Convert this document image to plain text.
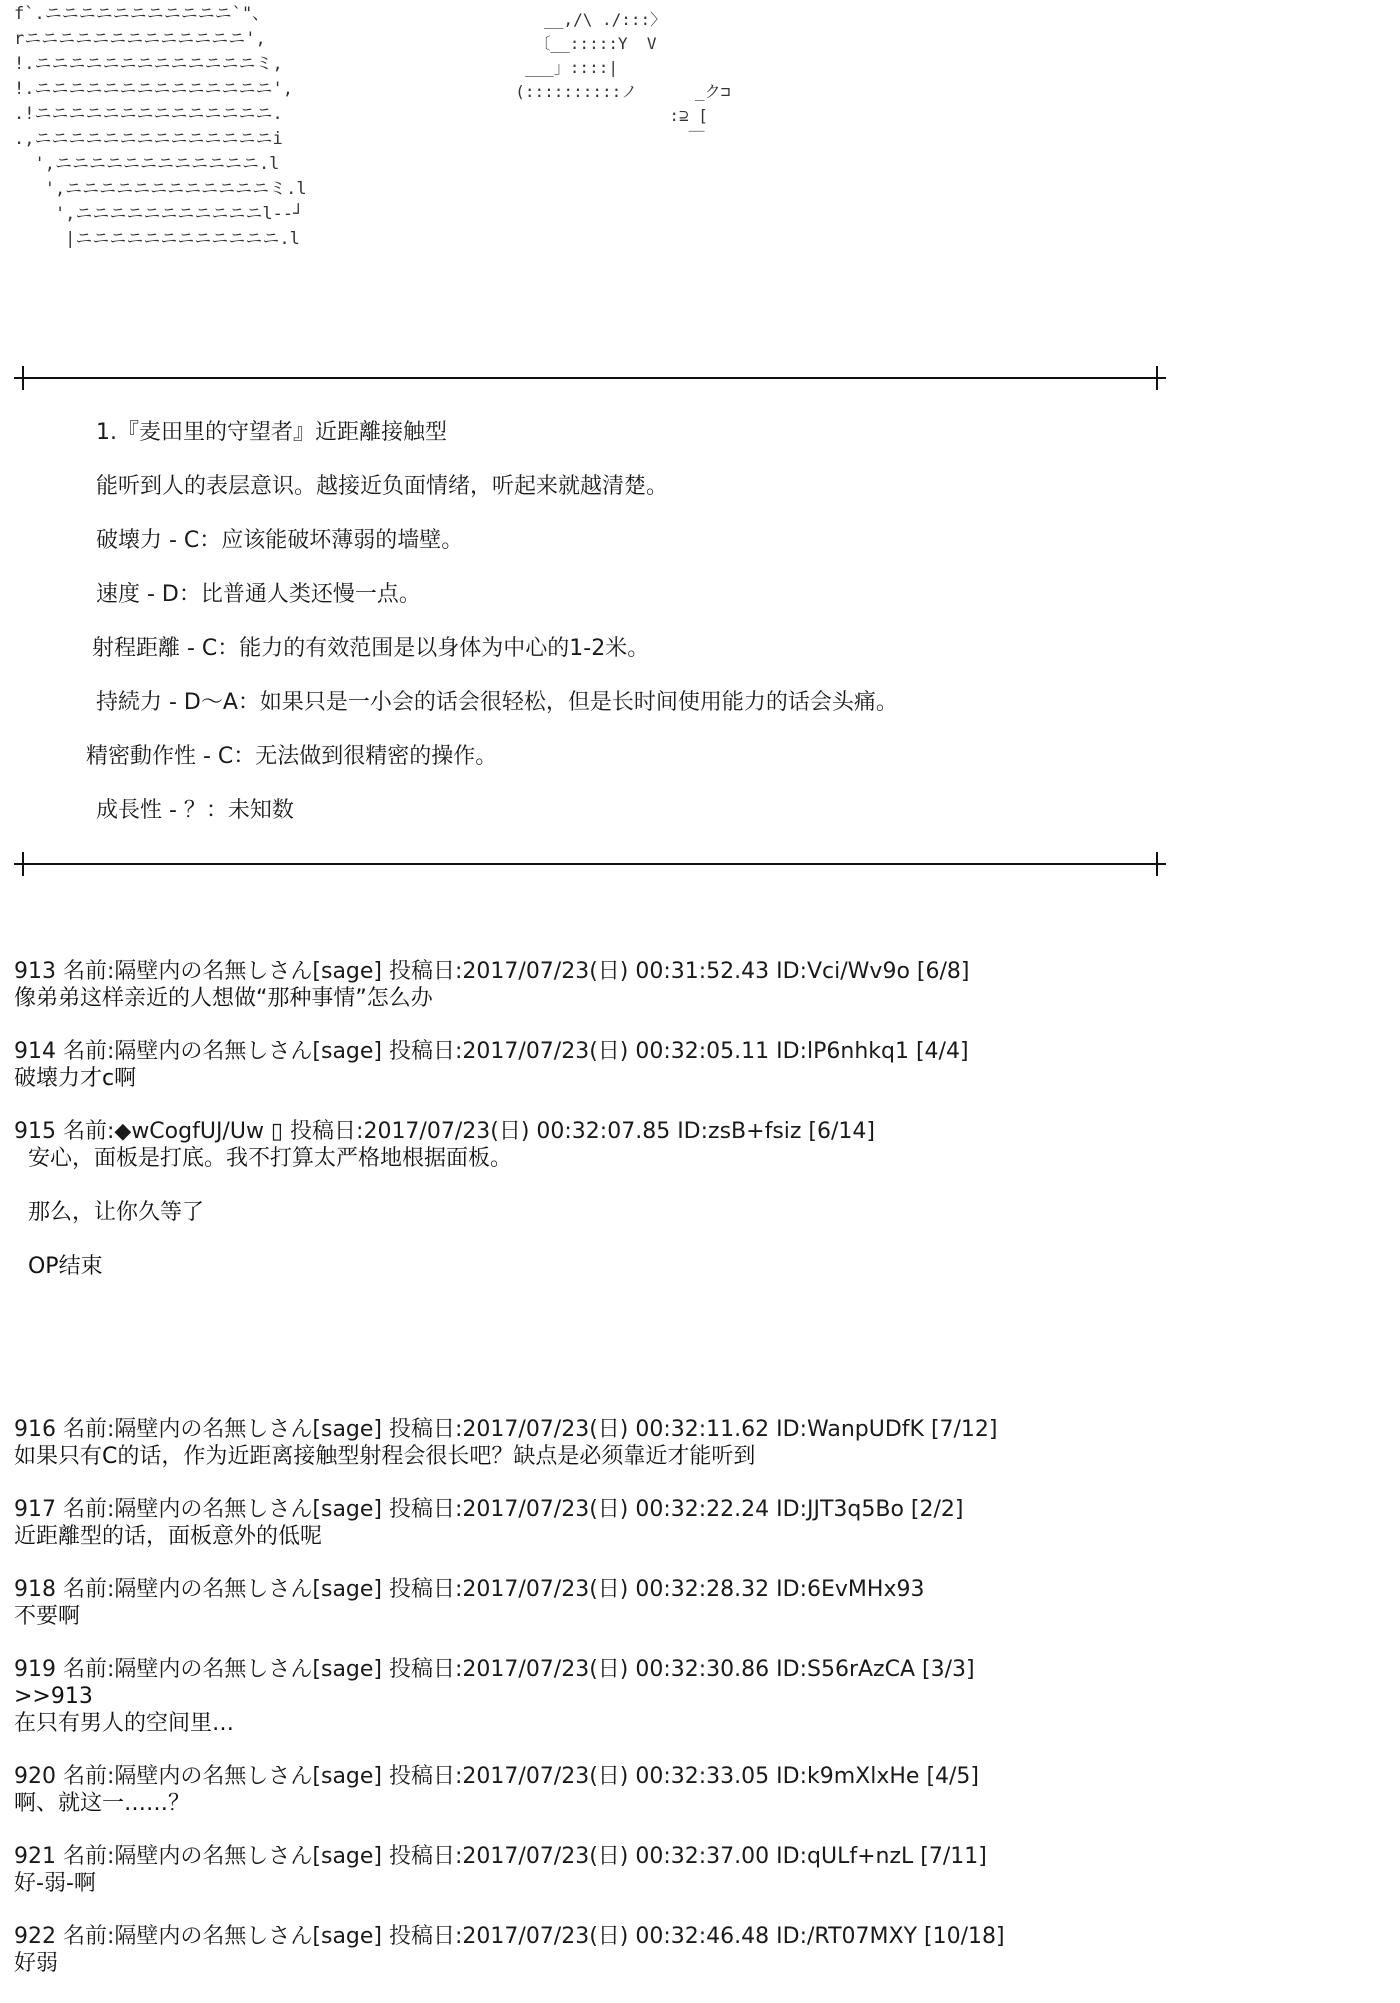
f`.ニニニニニニニニニニニ`"、
rニニニニニニニニニニニニニ',
!.ニニニニニニニニニニニニニミ,
!.ニニニニニニニニニニニニニニ',
.!ニニニニニニニニニニニニニニ.
.,ニニニニニニニニニニニニニニi
',ニニニニニニニニニニニニ.l
',ニニニニニニニニニニニニミ.l
',ニニニニニニニニニニニl--┘
|ニニニニニニニニニニニニ.l
__,/\ ./:::〉
〔__:::::Y  V
___」::::|
(::::::::::ノ      _ク⊐
:⊇ [
￣
1.『麦田里的守望者』近距離接触型
能听到人的表层意识。越接近负面情绪，听起来就越清楚。
破壊力 - C：应该能破坏薄弱的墙壁。
速度 - D：比普通人类还慢一点。
射程距離 - C：能力的有效范围是以身体为中心的1-2米。
持続力 - D～A：如果只是一小会的话会很轻松，但是长时间使用能力的话会头痛。
精密動作性 - C：无法做到很精密的操作。
成長性 - ？：未知数
913 名前:隔壁内の名無しさん[sage] 投稿日:2017/07/23(日) 00:31:52.43 ID:Vci/Wv9o [6/8]
像弟弟这样亲近的人想做“那种事情”怎么办
914 名前:隔壁内の名無しさん[sage] 投稿日:2017/07/23(日) 00:32:05.11 ID:lP6nhkq1 [4/4]
破壊力才c啊
915 名前:◆wCogfUJ/Uw ▯ 投稿日:2017/07/23(日) 00:32:07.85 ID:zsB+fsiz [6/14]
安心，面板是打底。我不打算太严格地根据面板。

那么，让你久等了

OP结束
916 名前:隔壁内の名無しさん[sage] 投稿日:2017/07/23(日) 00:32:11.62 ID:WanpUDfK [7/12]
如果只有C的话，作为近距离接触型射程会很长吧？缺点是必须靠近才能听到
917 名前:隔壁内の名無しさん[sage] 投稿日:2017/07/23(日) 00:32:22.24 ID:JJT3q5Bo [2/2]
近距離型的话，面板意外的低呢
918 名前:隔壁内の名無しさん[sage] 投稿日:2017/07/23(日) 00:32:28.32 ID:6EvMHx93
不要啊
919 名前:隔壁内の名無しさん[sage] 投稿日:2017/07/23(日) 00:32:30.86 ID:S56rAzCA [3/3]
>>913
在只有男人的空间里…
920 名前:隔壁内の名無しさん[sage] 投稿日:2017/07/23(日) 00:32:33.05 ID:k9mXlxHe [4/5]
啊、就这一……？
921 名前:隔壁内の名無しさん[sage] 投稿日:2017/07/23(日) 00:32:37.00 ID:qULf+nzL [7/11]
好-弱-啊
922 名前:隔壁内の名無しさん[sage] 投稿日:2017/07/23(日) 00:32:46.48 ID:/RT07MXY [10/18]
好弱
